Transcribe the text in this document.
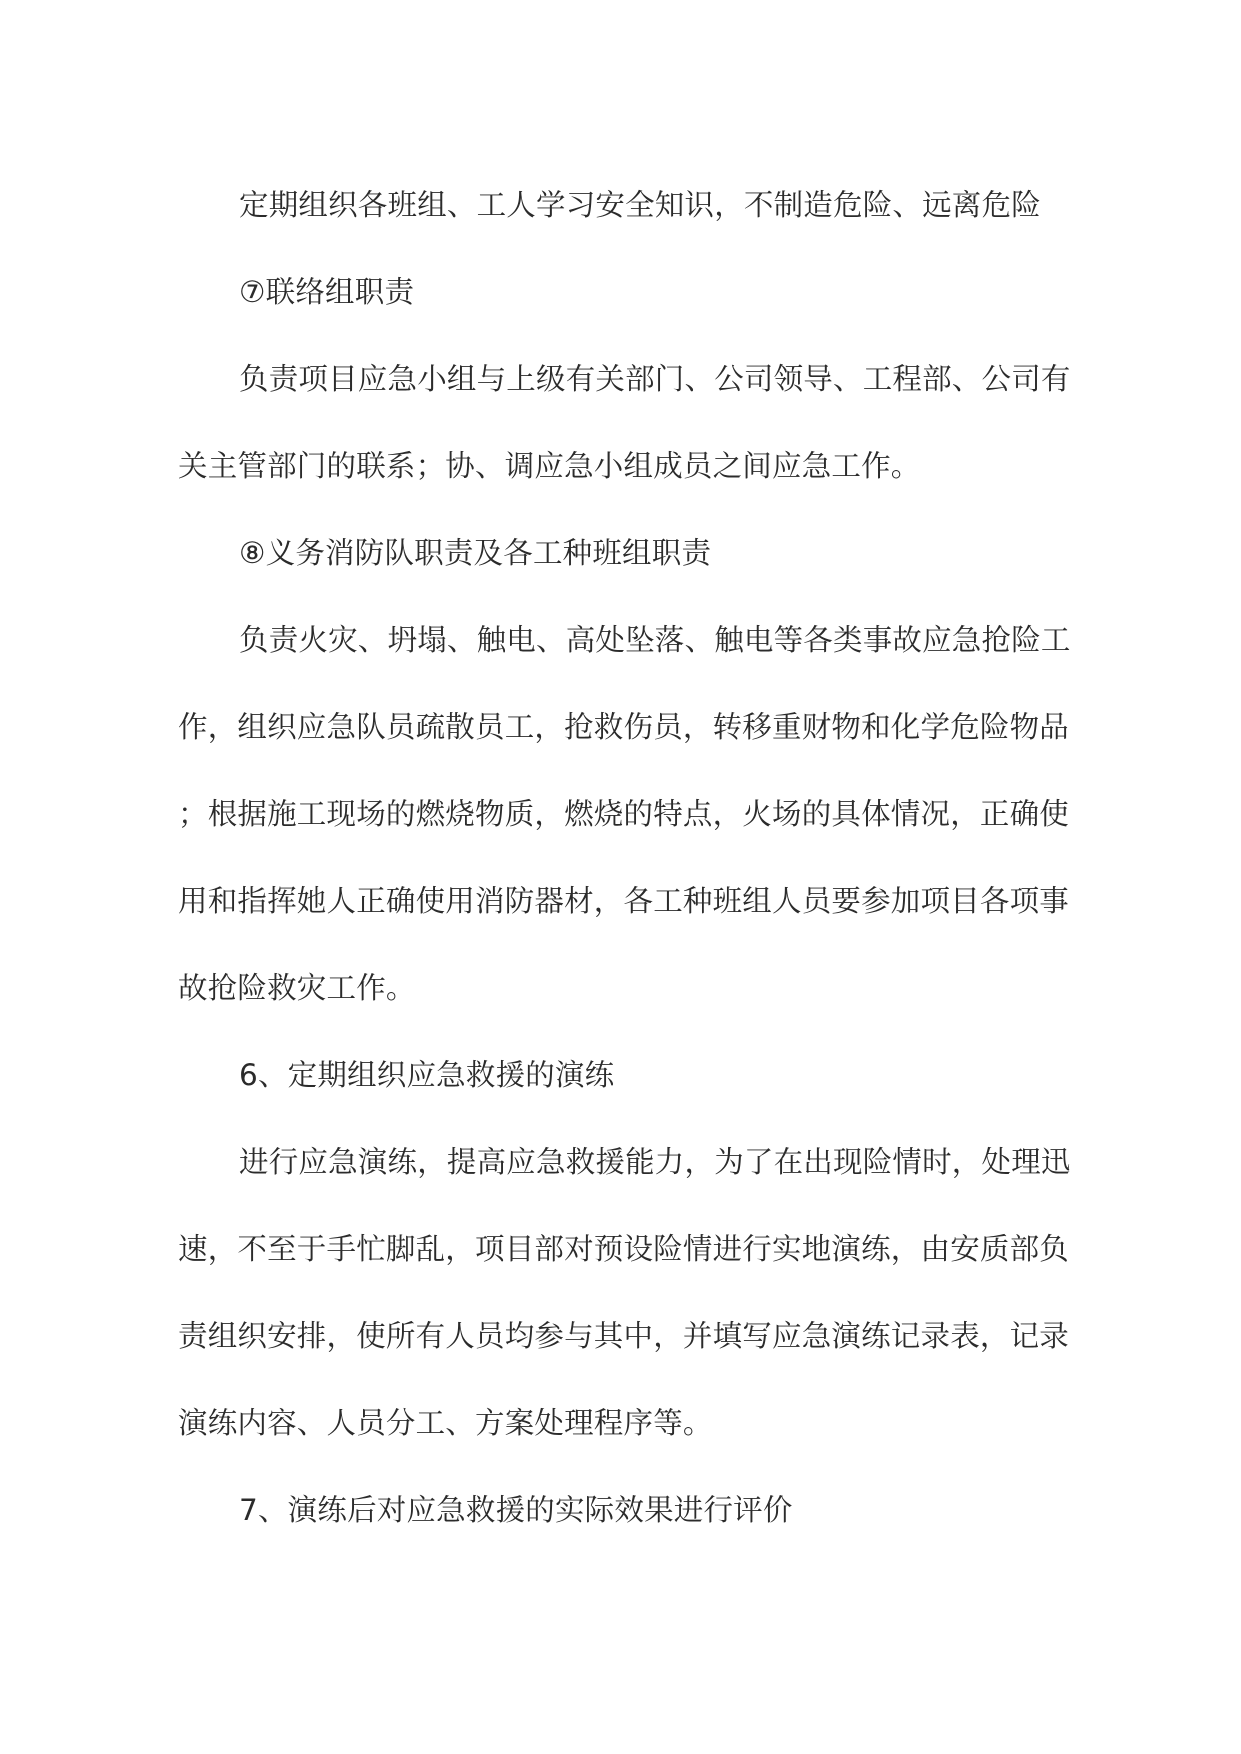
定期组织各班组、工人学习安全知识，不制造危险、远离危险

⑦联络组职责

负责项目应急小组与上级有关部门、公司领导、工程部、公司有

关主管部门的联系；协、调应急小组成员之间应急工作。

⑧义务消防队职责及各工种班组职责

负责火灾、坍塌、触电、高处坠落、触电等各类事故应急抢险工

作，组织应急队员疏散员工，抢救伤员，转移重财物和化学危险物品

；根据施工现场的燃烧物质，燃烧的特点，火场的具体情况，正确使

用和指挥她人正确使用消防器材，各工种班组人员要参加项目各项事

故抢险救灾工作。

6、定期组织应急救援的演练

进行应急演练，提高应急救援能力，为了在出现险情时，处理迅

速，不至于手忙脚乱，项目部对预设险情进行实地演练，由安质部负

责组织安排，使所有人员均参与其中，并填写应急演练记录表，记录

演练内容、人员分工、方案处理程序等。

7、演练后对应急救援的实际效果进行评价
